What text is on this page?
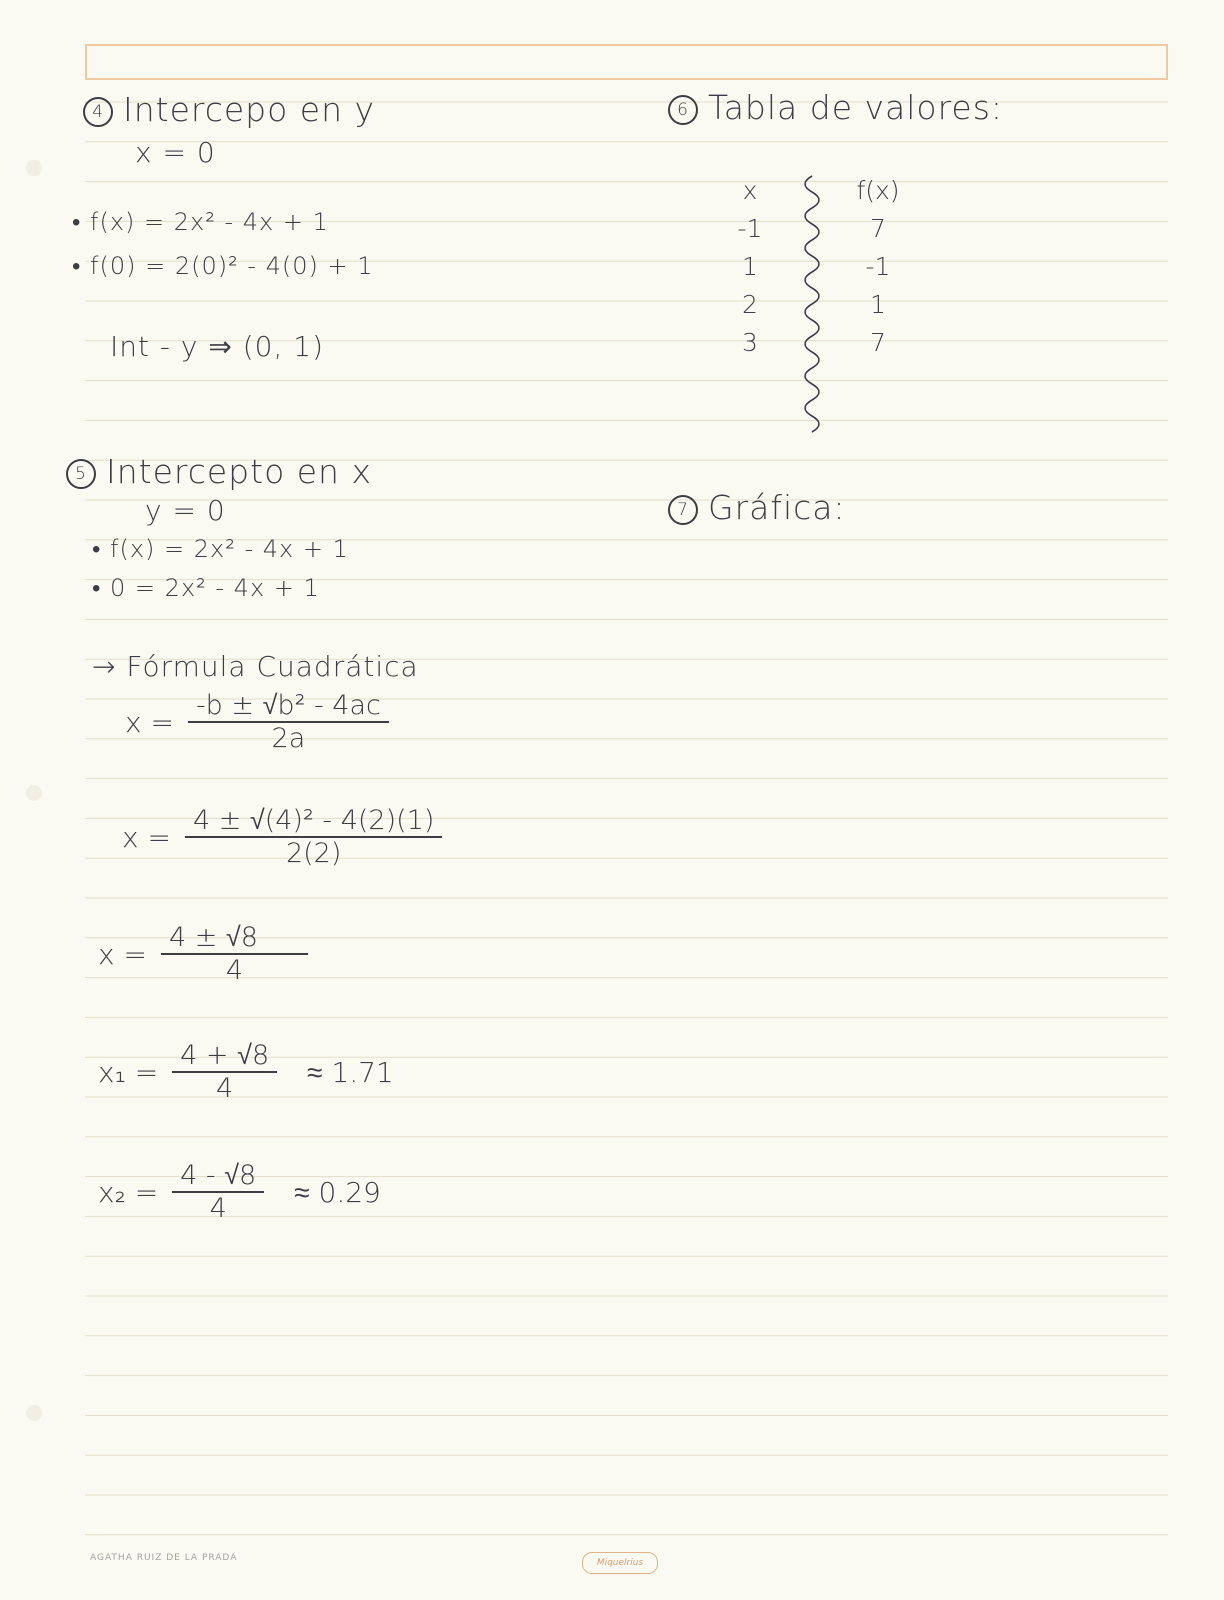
4 Intercepo en y
x = 0
• f(x) = 2x² - 4x + 1
• f(0) = 2(0)² - 4(0) + 1
Int - y ⇒ (0, 1)
6 Tabla de valores:
x
-1
1
2
3
f(x)
7
-1
1
7
7 Gráfica:
5 Intercepto en x
y = 0
• f(x) = 2x² - 4x + 1
• 0 = 2x² - 4x + 1
→ Fórmula Cuadrática
$x = \frac{\text{-b ± √b² - 4ac}}{2a}$
$x = \frac{\text{4 ± √(4)² - 4(2)(1)}}{2(2)}$
$x = \frac{4 \pm √8}{4}$
$x_1 = \frac{4 + √8}{4} \approx 1.71$
$x_2 = \frac{4 - √8}{4} \approx 0.29$
AGATHA RUIZ DE LA PRADA	Miquelrius
